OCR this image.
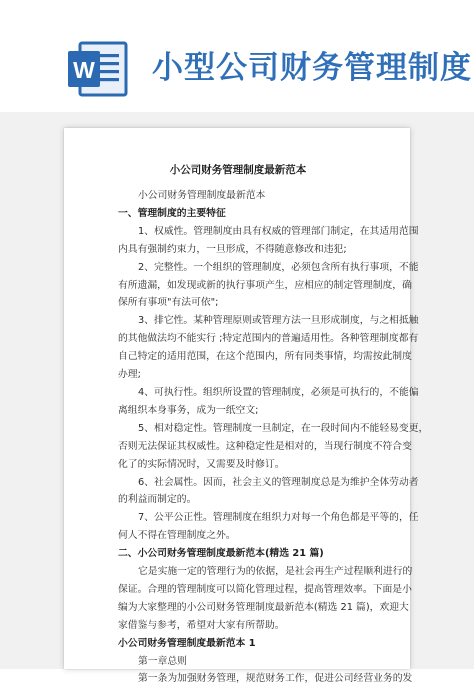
W 小型公司财务管理制度

小公司财务管理制度最新范本

小公司财务管理制度最新范本

一、管理制度的主要特征

1、权威性。管理制度由具有权威的管理部门制定，在其适用范围

内具有强制约束力，一旦形成，不得随意修改和违犯;

2、完整性。一个组织的管理制度，必须包含所有执行事项，不能

有所遗漏，如发现或新的执行事项产生，应相应的制定管理制度，确

保所有事项"有法可依";

3、排它性。某种管理原则或管理方法一旦形成制度，与之相抵触

的其他做法均不能实行 ;特定范围内的普遍适用性。各种管理制度都有

自己特定的适用范围，在这个范围内，所有同类事情，均需按此制度

办理;

4、可执行性。组织所设置的管理制度，必须是可执行的，不能偏

离组织本身事务，成为一纸空文;

5、相对稳定性。管理制度一旦制定，在一段时间内不能轻易变更，

否则无法保证其权威性。这种稳定性是相对的，当现行制度不符合变

化了的实际情况时，又需要及时修订。

6、社会属性。因而，社会主义的管理制度总是为维护全体劳动者

的利益而制定的。

7、公平公正性。管理制度在组织力对每一个角色都是平等的，任

何人不得在管理制度之外。

二、小公司财务管理制度最新范本(精选 21 篇)

它是实施一定的管理行为的依据，是社会再生产过程顺利进行的

保证。合理的管理制度可以简化管理过程，提高管理效率。下面是小

编为大家整理的小公司财务管理制度最新范本(精选 21 篇)，欢迎大

家借鉴与参考，希望对大家有所帮助。

小公司财务管理制度最新范本 1

第一章总则

第一条为加强财务管理，规范财务工作，促进公司经营业务的发
